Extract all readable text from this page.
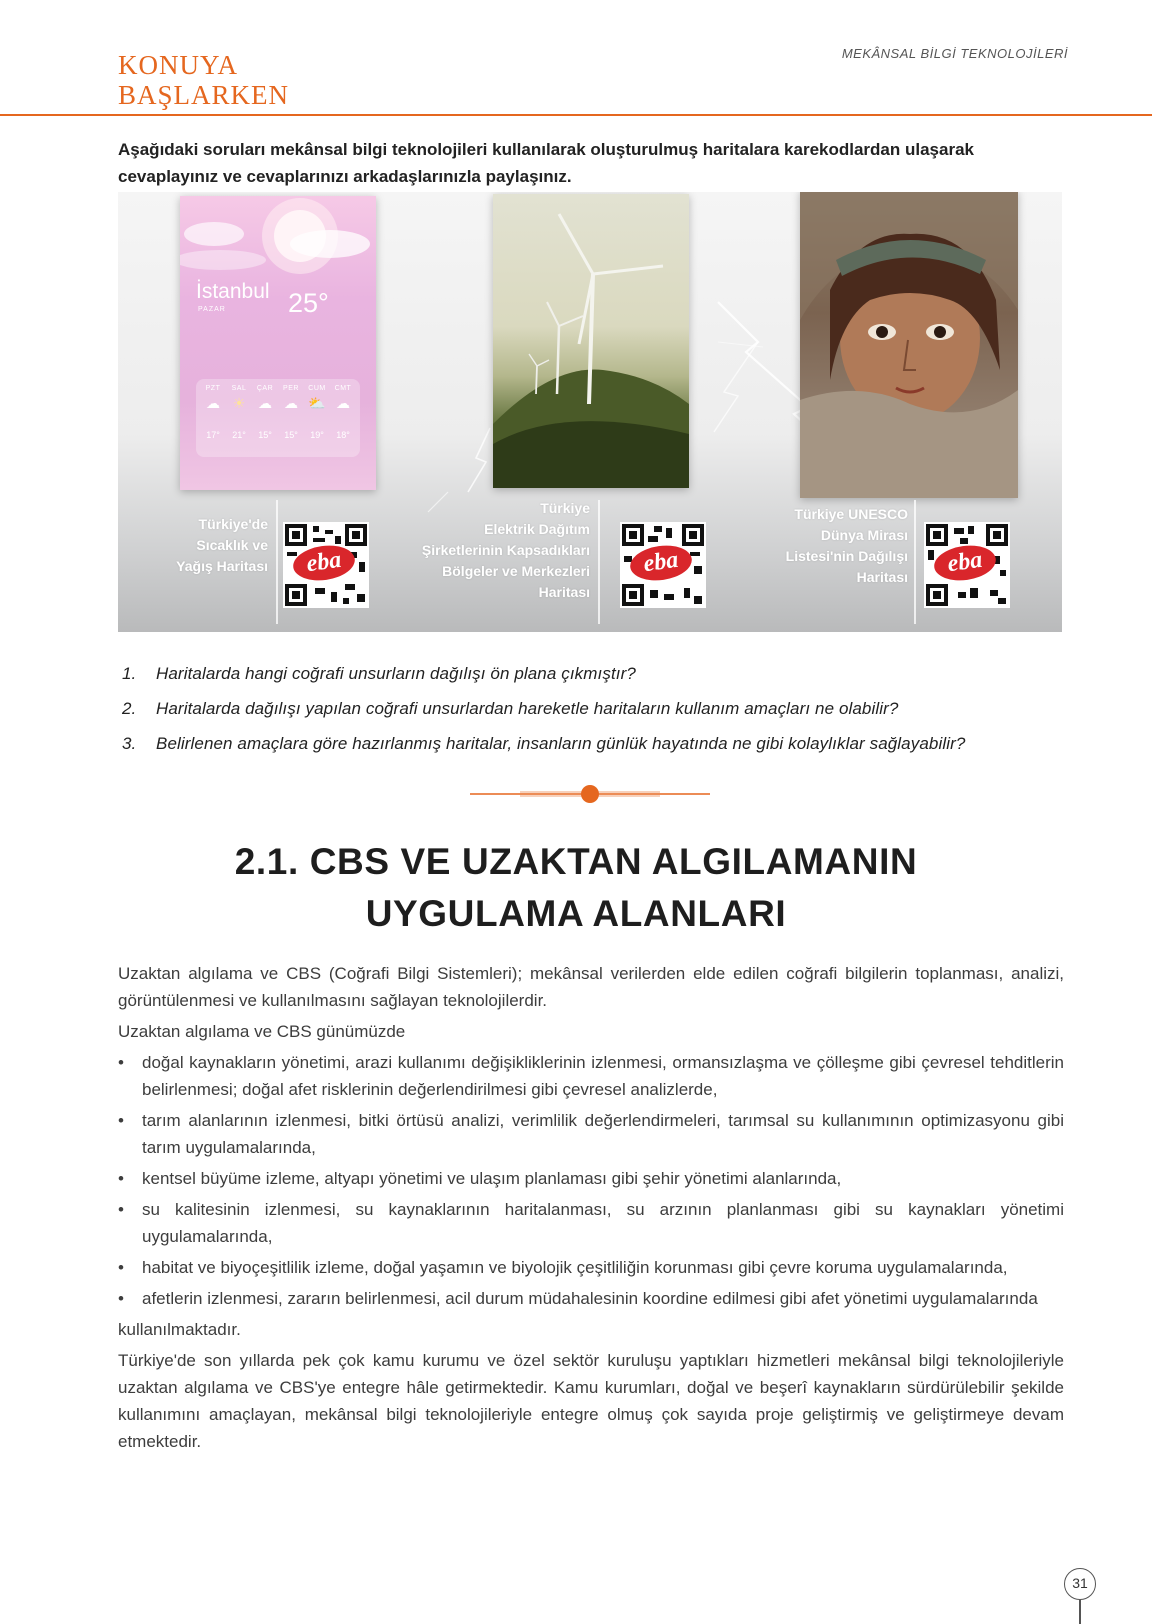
KONUYA
BAŞLARKEN
MEKÂNSAL BİLGİ TEKNOLOJİLERİ

Aşağıdaki soruları mekânsal bilgi teknolojileri kullanılarak oluşturulmuş haritalara karekodlardan ulaşarak cevaplayınız ve cevaplarınızı arkadaşlarınızla paylaşınız.

İstanbul
PAZAR 25°
PZT
☁
17°
SAL
☀
21°
ÇAR
☁
15°
PER
☁
15°
CUM
⛅
19°
CMT
☁
18°
Türkiye'de
Sıcaklık ve
Yağış Haritası	eba
Türkiye
Elektrik Dağıtım
Şirketlerinin Kapsadıkları
Bölgeler ve Merkezleri
Haritası
eba
Türkiye UNESCO
Dünya Mirası
Listesi'nin Dağılışı
Haritası	eba
1. Haritalarda hangi coğrafi unsurların dağılışı ön plana çıkmıştır?
2. Haritalarda dağılışı yapılan coğrafi unsurlardan hareketle haritaların kullanım amaçları ne olabilir?
3. Belirlenen amaçlara göre hazırlanmış haritalar, insanların günlük hayatında ne gibi kolaylıklar sağlayabilir?
2.1. CBS VE UZAKTAN ALGILAMANIN
UYGULAMA ALANLARI

Uzaktan algılama ve CBS (Coğrafi Bilgi Sistemleri); mekânsal verilerden elde edilen coğrafi bilgilerin toplanması, analizi, görüntülenmesi ve kullanılmasını sağlayan teknolojilerdir.

Uzaktan algılama ve CBS günümüzde

• doğal kaynakların yönetimi, arazi kullanımı değişikliklerinin izlenmesi, ormansızlaşma ve çölleşme gibi çevresel tehditlerin belirlenmesi; doğal afet risklerinin değerlendirilmesi gibi çevresel analizlerde,
• tarım alanlarının izlenmesi, bitki örtüsü analizi, verimlilik değerlendirmeleri, tarımsal su kullanımının optimizasyonu gibi tarım uygulamalarında,
• kentsel büyüme izleme, altyapı yönetimi ve ulaşım planlaması gibi şehir yönetimi alanlarında,
• su kalitesinin izlenmesi, su kaynaklarının haritalanması, su arzının planlanması gibi su kaynakları yönetimi uygulamalarında,
• habitat ve biyoçeşitlilik izleme, doğal yaşamın ve biyolojik çeşitliliğin korunması gibi çevre koruma uygulamalarında,
• afetlerin izlenmesi, zararın belirlenmesi, acil durum müdahalesinin koordine edilmesi gibi afet yönetimi uygulamalarında

kullanılmaktadır.

Türkiye'de son yıllarda pek çok kamu kurumu ve özel sektör kuruluşu yaptıkları hizmetleri mekânsal bilgi teknolojileriyle uzaktan algılama ve CBS'ye entegre hâle getirmektedir. Kamu kurumları, doğal ve beşerî kaynakların sürdürülebilir şekilde kullanımını amaçlayan, mekânsal bilgi teknolojileriyle entegre olmuş çok sayıda proje geliştirmiş ve geliştirmeye devam etmektedir.

31
